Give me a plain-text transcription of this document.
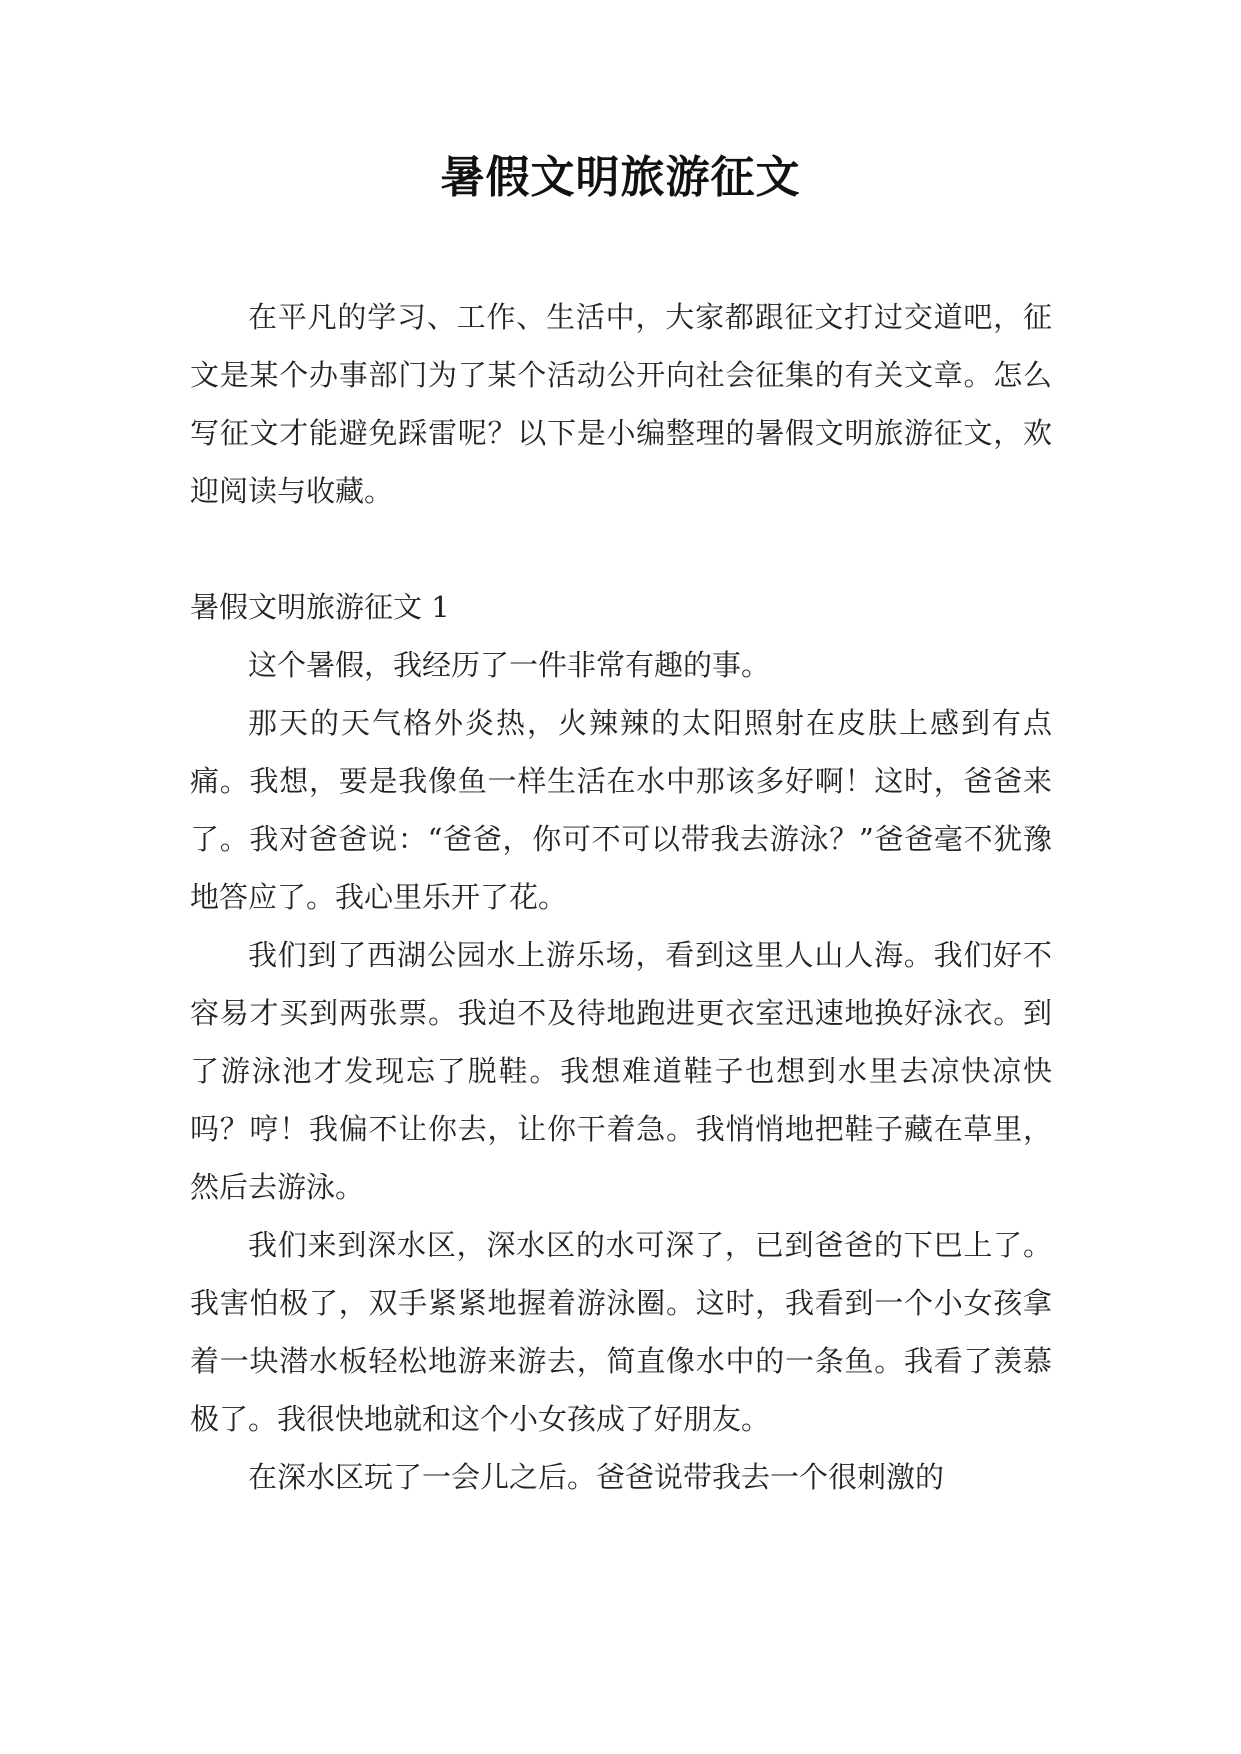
暑假文明旅游征文

在平凡的学习、工作、生活中，大家都跟征文打过交道吧，征文是某个办事部门为了某个活动公开向社会征集的有关文章。怎么写征文才能避免踩雷呢？以下是小编整理的暑假文明旅游征文，欢迎阅读与收藏。

暑假文明旅游征文 1

这个暑假，我经历了一件非常有趣的事。

那天的天气格外炎热，火辣辣的太阳照射在皮肤上感到有点痛。我想，要是我像鱼一样生活在水中那该多好啊！这时，爸爸来了。我对爸爸说：“爸爸，你可不可以带我去游泳？”爸爸毫不犹豫地答应了。我心里乐开了花。

我们到了西湖公园水上游乐场，看到这里人山人海。我们好不容易才买到两张票。我迫不及待地跑进更衣室迅速地换好泳衣。到了游泳池才发现忘了脱鞋。我想难道鞋子也想到水里去凉快凉快吗？哼！我偏不让你去，让你干着急。我悄悄地把鞋子藏在草里，然后去游泳。

我们来到深水区，深水区的水可深了，已到爸爸的下巴上了。我害怕极了，双手紧紧地握着游泳圈。这时，我看到一个小女孩拿着一块潜水板轻松地游来游去，简直像水中的一条鱼。我看了羡慕极了。我很快地就和这个小女孩成了好朋友。

在深水区玩了一会儿之后。爸爸说带我去一个很刺激的
